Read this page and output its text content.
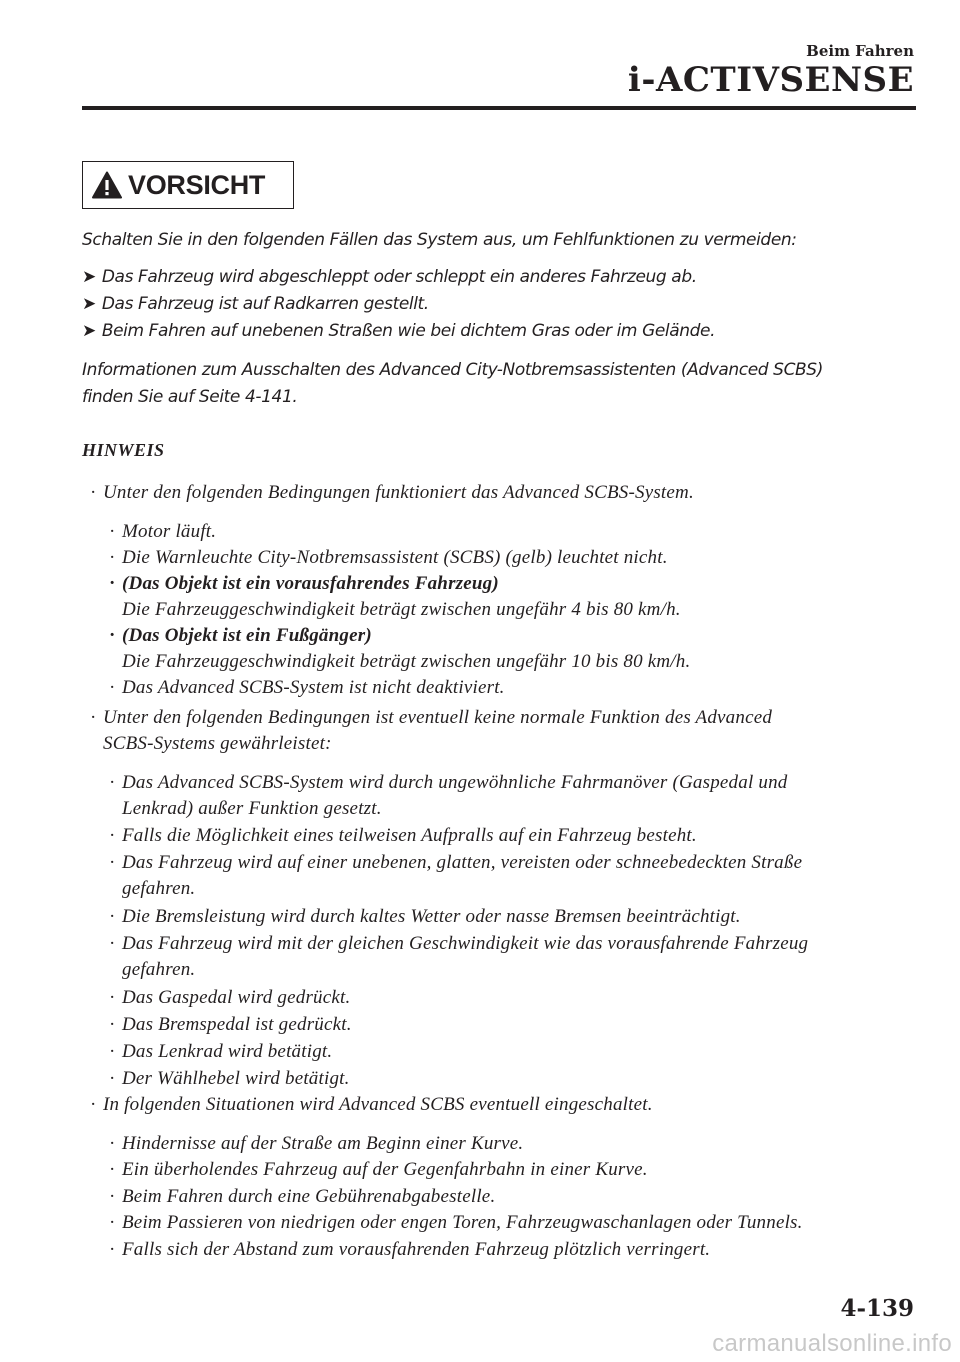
Beim Fahren
i-ACTIVSENSE
VORSICHT
Schalten Sie in den folgenden Fällen das System aus, um Fehlfunktionen zu vermeiden:
➤ Das Fahrzeug wird abgeschleppt oder schleppt ein anderes Fahrzeug ab.
➤ Das Fahrzeug ist auf Radkarren gestellt.
➤ Beim Fahren auf unebenen Straßen wie bei dichtem Gras oder im Gelände.
Informationen zum Ausschalten des Advanced City-Notbremsassistenten (Advanced SCBS)
finden Sie auf Seite 4-141.
HINWEIS
· Unter den folgenden Bedingungen funktioniert das Advanced SCBS-System.
· Motor läuft.
· Die Warnleuchte City-Notbremsassistent (SCBS) (gelb) leuchtet nicht.
· (Das Objekt ist ein vorausfahrendes Fahrzeug)
Die Fahrzeuggeschwindigkeit beträgt zwischen ungefähr 4 bis 80 km/h.
· (Das Objekt ist ein Fußgänger)
Die Fahrzeuggeschwindigkeit beträgt zwischen ungefähr 10 bis 80 km/h.
· Das Advanced SCBS-System ist nicht deaktiviert.
· Unter den folgenden Bedingungen ist eventuell keine normale Funktion des Advanced
SCBS-Systems gewährleistet:
· Das Advanced SCBS-System wird durch ungewöhnliche Fahrmanöver (Gaspedal und
Lenkrad) außer Funktion gesetzt.
· Falls die Möglichkeit eines teilweisen Aufpralls auf ein Fahrzeug besteht.
· Das Fahrzeug wird auf einer unebenen, glatten, vereisten oder schneebedeckten Straße
gefahren.
· Die Bremsleistung wird durch kaltes Wetter oder nasse Bremsen beeinträchtigt.
· Das Fahrzeug wird mit der gleichen Geschwindigkeit wie das vorausfahrende Fahrzeug
gefahren.
· Das Gaspedal wird gedrückt.
· Das Bremspedal ist gedrückt.
· Das Lenkrad wird betätigt.
· Der Wählhebel wird betätigt.
· In folgenden Situationen wird Advanced SCBS eventuell eingeschaltet.
· Hindernisse auf der Straße am Beginn einer Kurve.
· Ein überholendes Fahrzeug auf der Gegenfahrbahn in einer Kurve.
· Beim Fahren durch eine Gebührenabgabestelle.
· Beim Passieren von niedrigen oder engen Toren, Fahrzeugwaschanlagen oder Tunnels.
· Falls sich der Abstand zum vorausfahrenden Fahrzeug plötzlich verringert.
4-139
carmanualsonline.info
